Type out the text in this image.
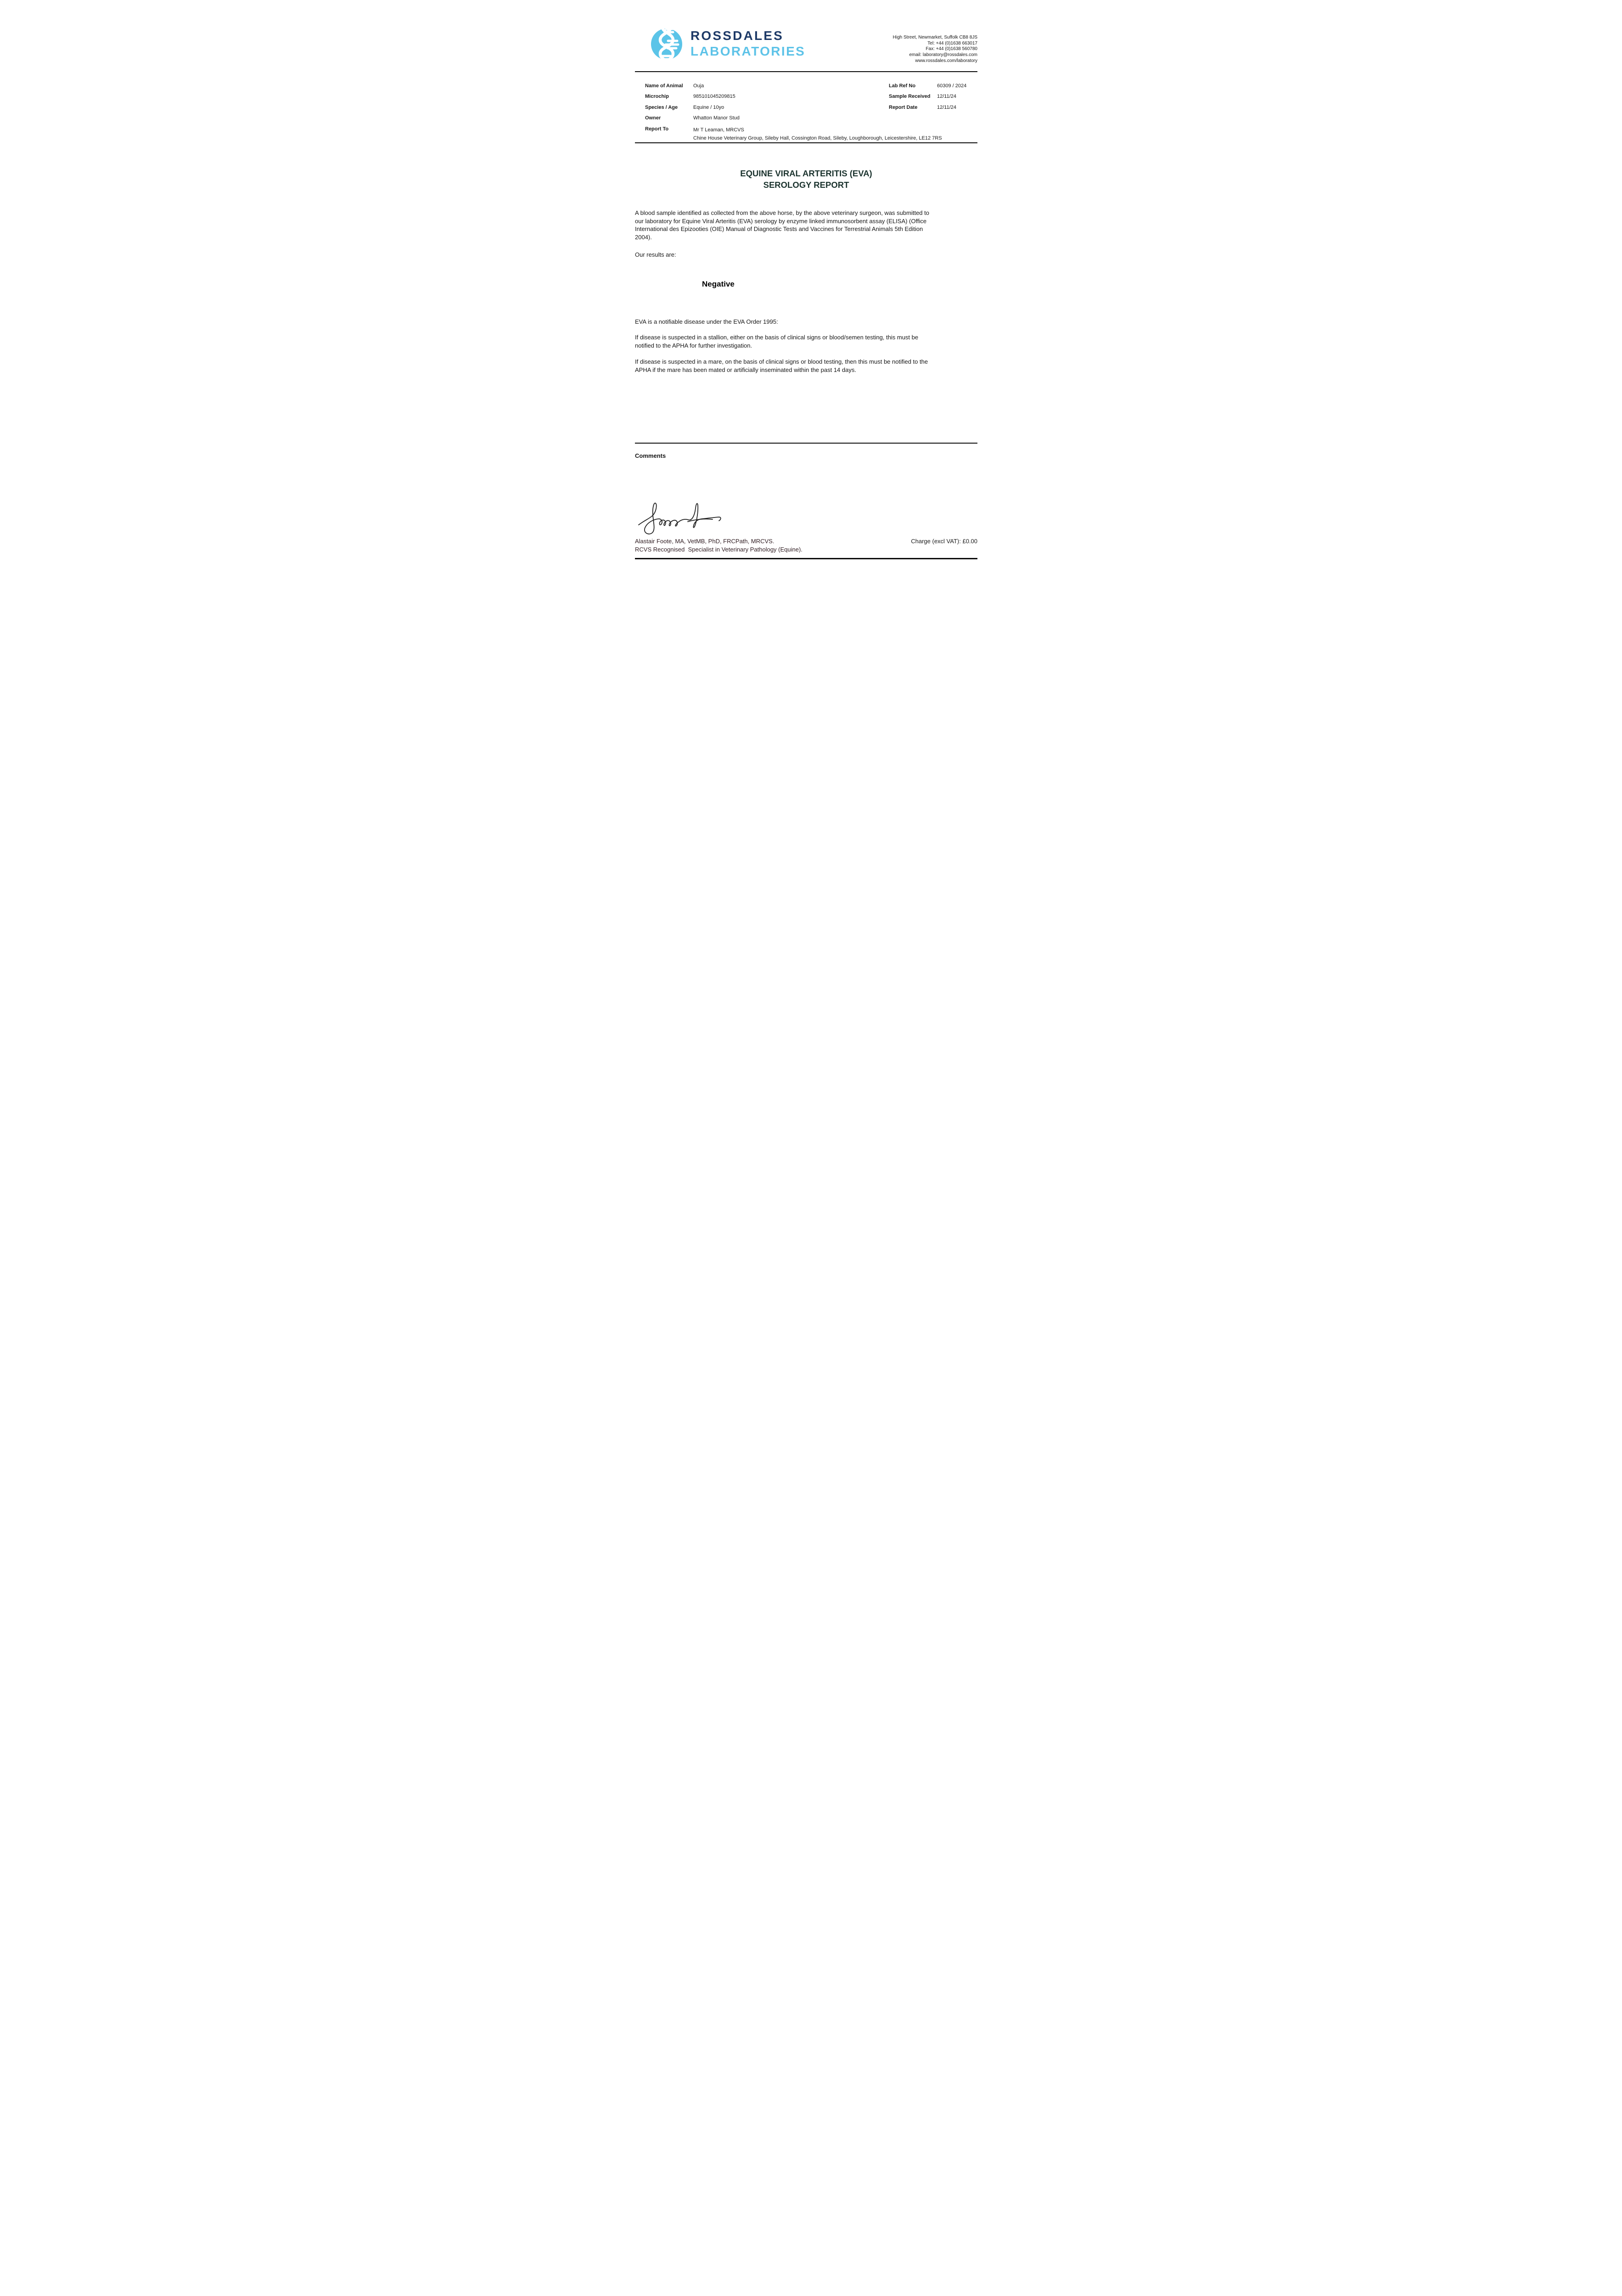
ROSSDALES
LABORATORIES
High Street, Newmarket, Suffolk CB8 8JS
Tel: +44 (0)1638 663017
Fax: +44 (0)1638 560780
email: laboratory@rossdales.com
www.rossdales.com/laboratory
Name of Animal Ouja
Microchip	985101045209815
Species / Age	Equine / 10yo
Owner	Whatton Manor Stud
Report To	Mr T Leaman, MRCVS
Chine House Veterinary Group, Sileby Hall, Cossington Road, Sileby, Loughborough, Leicestershire, LE12 7RS
Lab Ref No	60309 / 2024
Sample Received 12/11/24
Report Date	12/11/24
EQUINE VIRAL ARTERITIS (EVA)
SEROLOGY REPORT
A blood sample identified as collected from the above horse, by the above veterinary surgeon, was submitted to
our laboratory for Equine Viral Arteritis (EVA) serology by enzyme linked immunosorbent assay (ELISA) (Office
International des Epizooties (OIE) Manual of Diagnostic Tests and Vaccines for Terrestrial Animals 5th Edition
2004).
Our results are:
Negative
EVA is a notifiable disease under the EVA Order 1995:
If disease is suspected in a stallion, either on the basis of clinical signs or blood/semen testing, this must be
notified to the APHA for further investigation.
If disease is suspected in a mare, on the basis of clinical signs or blood testing, then this must be notified to the
APHA if the mare has been mated or artificially inseminated within the past 14 days.
Comments
Alastair Foote, MA, VetMB, PhD, FRCPath, MRCVS.
RCVS Recognised  Specialist in Veterinary Pathology (Equine).
Charge (excl VAT): £0.00
